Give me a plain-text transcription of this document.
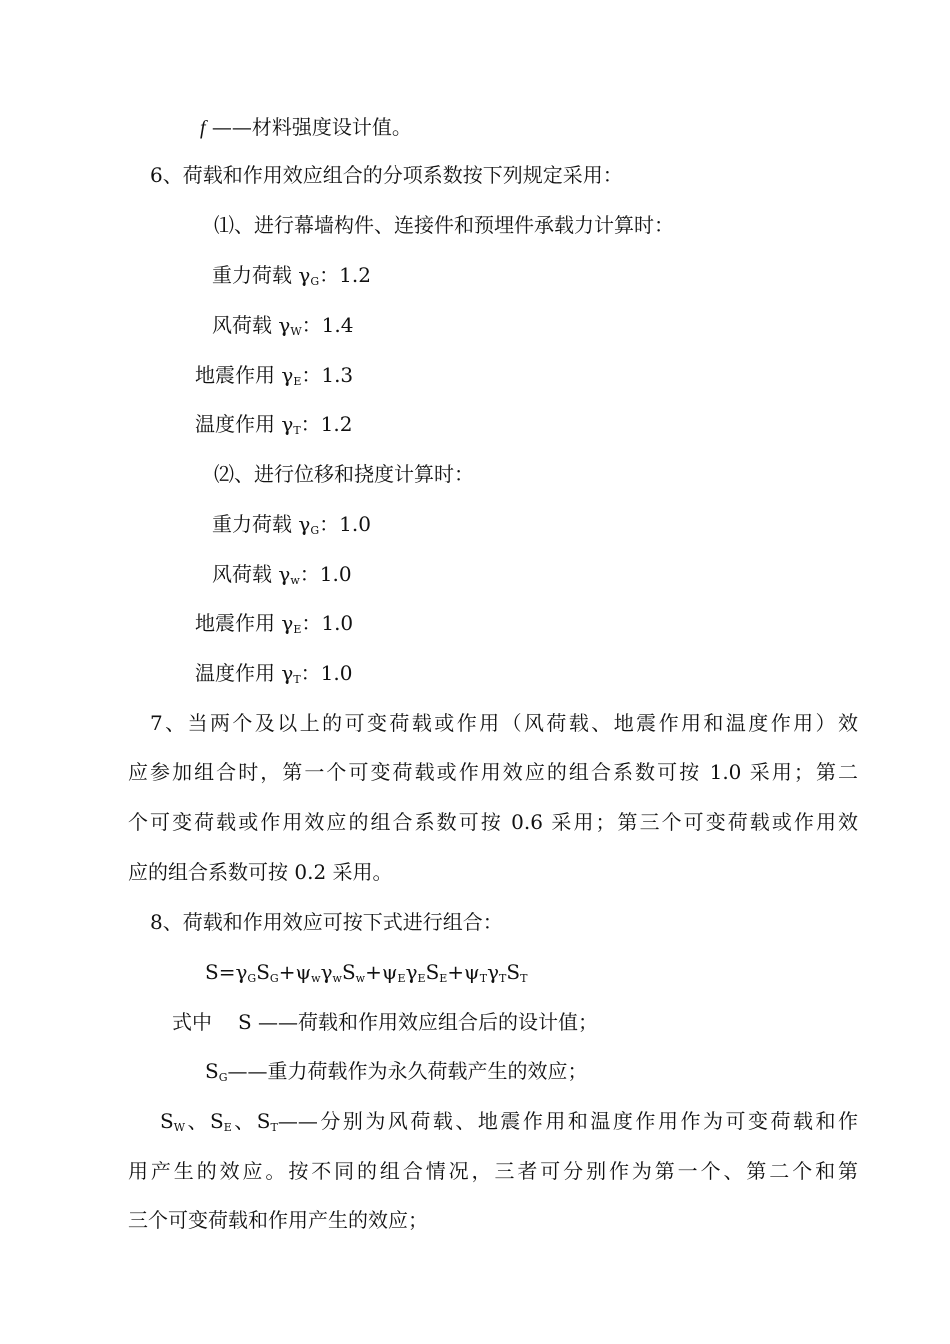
f ——材料强度设计值。
6、荷载和作用效应组合的分项系数按下列规定采用：
⑴、进行幕墙构件、连接件和预埋件承载力计算时：
重力荷载 $\gamma_G$：1.2
风荷载 $\gamma_W$：1.4
地震作用 $\gamma_E$：1.3
温度作用 $\gamma_T$：1.2
⑵、进行位移和挠度计算时：
重力荷载 $\gamma_G$：1.0
风荷载 $\gamma_w$：1.0
地震作用 $\gamma_E$：1.0
温度作用 $\gamma_T$：1.0
7、当两个及以上的可变荷载或作用（风荷载、地震作用和温度作用）效
应参加组合时，第一个可变荷载或作用效应的组合系数可按 1.0 采用；第二
个可变荷载或作用效应的组合系数可按 0.6 采用；第三个可变荷载或作用效
应的组合系数可按 0.2 采用。
8、荷载和作用效应可按下式进行组合：
$S=\gamma_GS_G+\psi_w\gamma_wS_w+\psi_E\gamma_ES_E+\psi_T\gamma_TS_T$
式中 S ——荷载和作用效应组合后的设计值；
$S_G——$重力荷载作为永久荷载产生的效应；
$S_W$、$S_E$、$S_T——$分别为风荷载、地震作用和温度作用作为可变荷载和作
用产生的效应。按不同的组合情况，三者可分别作为第一个、第二个和第
三个可变荷载和作用产生的效应；
